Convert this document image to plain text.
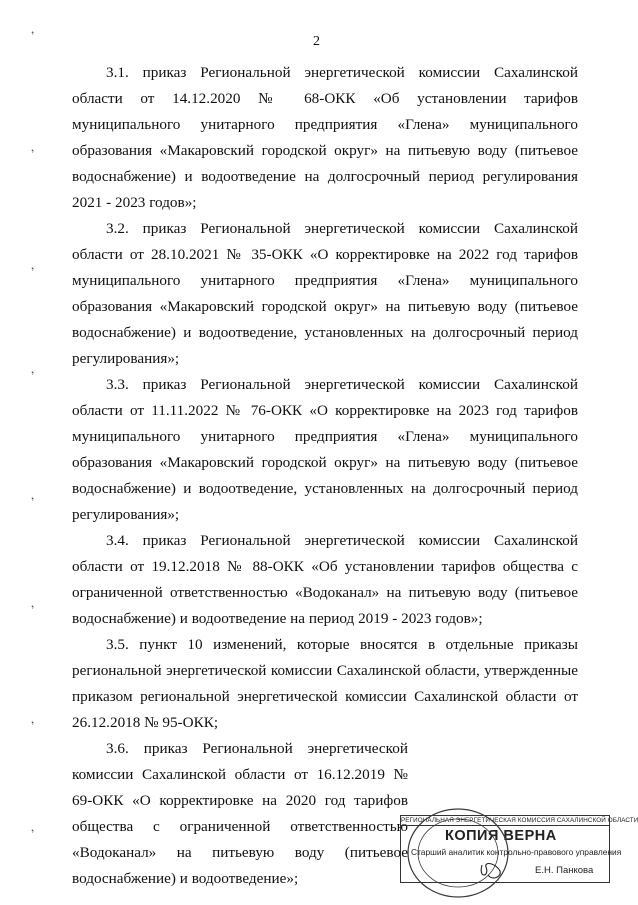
2
,
,
,
,
,
,
,
,

3.1. приказ Региональной энергетической комиссии Сахалинской области от 14.12.2020 № 68-ОКК «Об установлении тарифов муниципального унитарного предприятия «Глена» муниципального образования «Макаровский городской округ» на питьевую воду (питьевое водоснабжение) и водоотведение на долгосрочный период регулирования 2021 - 2023 годов»;

3.2. приказ Региональной энергетической комиссии Сахалинской области от 28.10.2021 № 35-ОКК «О корректировке на 2022 год тарифов муниципального унитарного предприятия «Глена» муниципального образования «Макаровский городской округ» на питьевую воду (питьевое водоснабжение) и водоотведение, установленных на долгосрочный период регулирования»;

3.3. приказ Региональной энергетической комиссии Сахалинской области от 11.11.2022 № 76-ОКК «О корректировке на 2023 год тарифов муниципального унитарного предприятия «Глена» муниципального образования «Макаровский городской округ» на питьевую воду (питьевое водоснабжение) и водоотведение, установленных на долгосрочный период регулирования»;

3.4. приказ Региональной энергетической комиссии Сахалинской области от 19.12.2018 № 88-ОКК «Об установлении тарифов общества с ограниченной ответственностью «Водоканал» на питьевую воду (питьевое водоснабжение) и водоотведение на период 2019 - 2023 годов»;

3.5. пункт 10 изменений, которые вносятся в отдельные приказы региональной энергетической комиссии Сахалинской области, утвержденные приказом региональной энергетической комиссии Сахалинской области от 26.12.2018 № 95-ОКК;

3.6. приказ Региональной энергетической комиссии Сахалинской области от 16.12.2019 № 69-ОКК «О корректировке на 2020 год тарифов общества с ограниченной ответственностью «Водоканал» на питьевую воду (питьевое водоснабжение) и водоотведение»;

РЕГИОНАЛЬНАЯ ЭНЕРГЕТИЧЕСКАЯ КОМИССИЯ САХАЛИНСКОЙ ОБЛАСТИ
КОПИЯ ВЕРНА
Старший аналитик контрольно-правового управления
Е.Н. Панкова
